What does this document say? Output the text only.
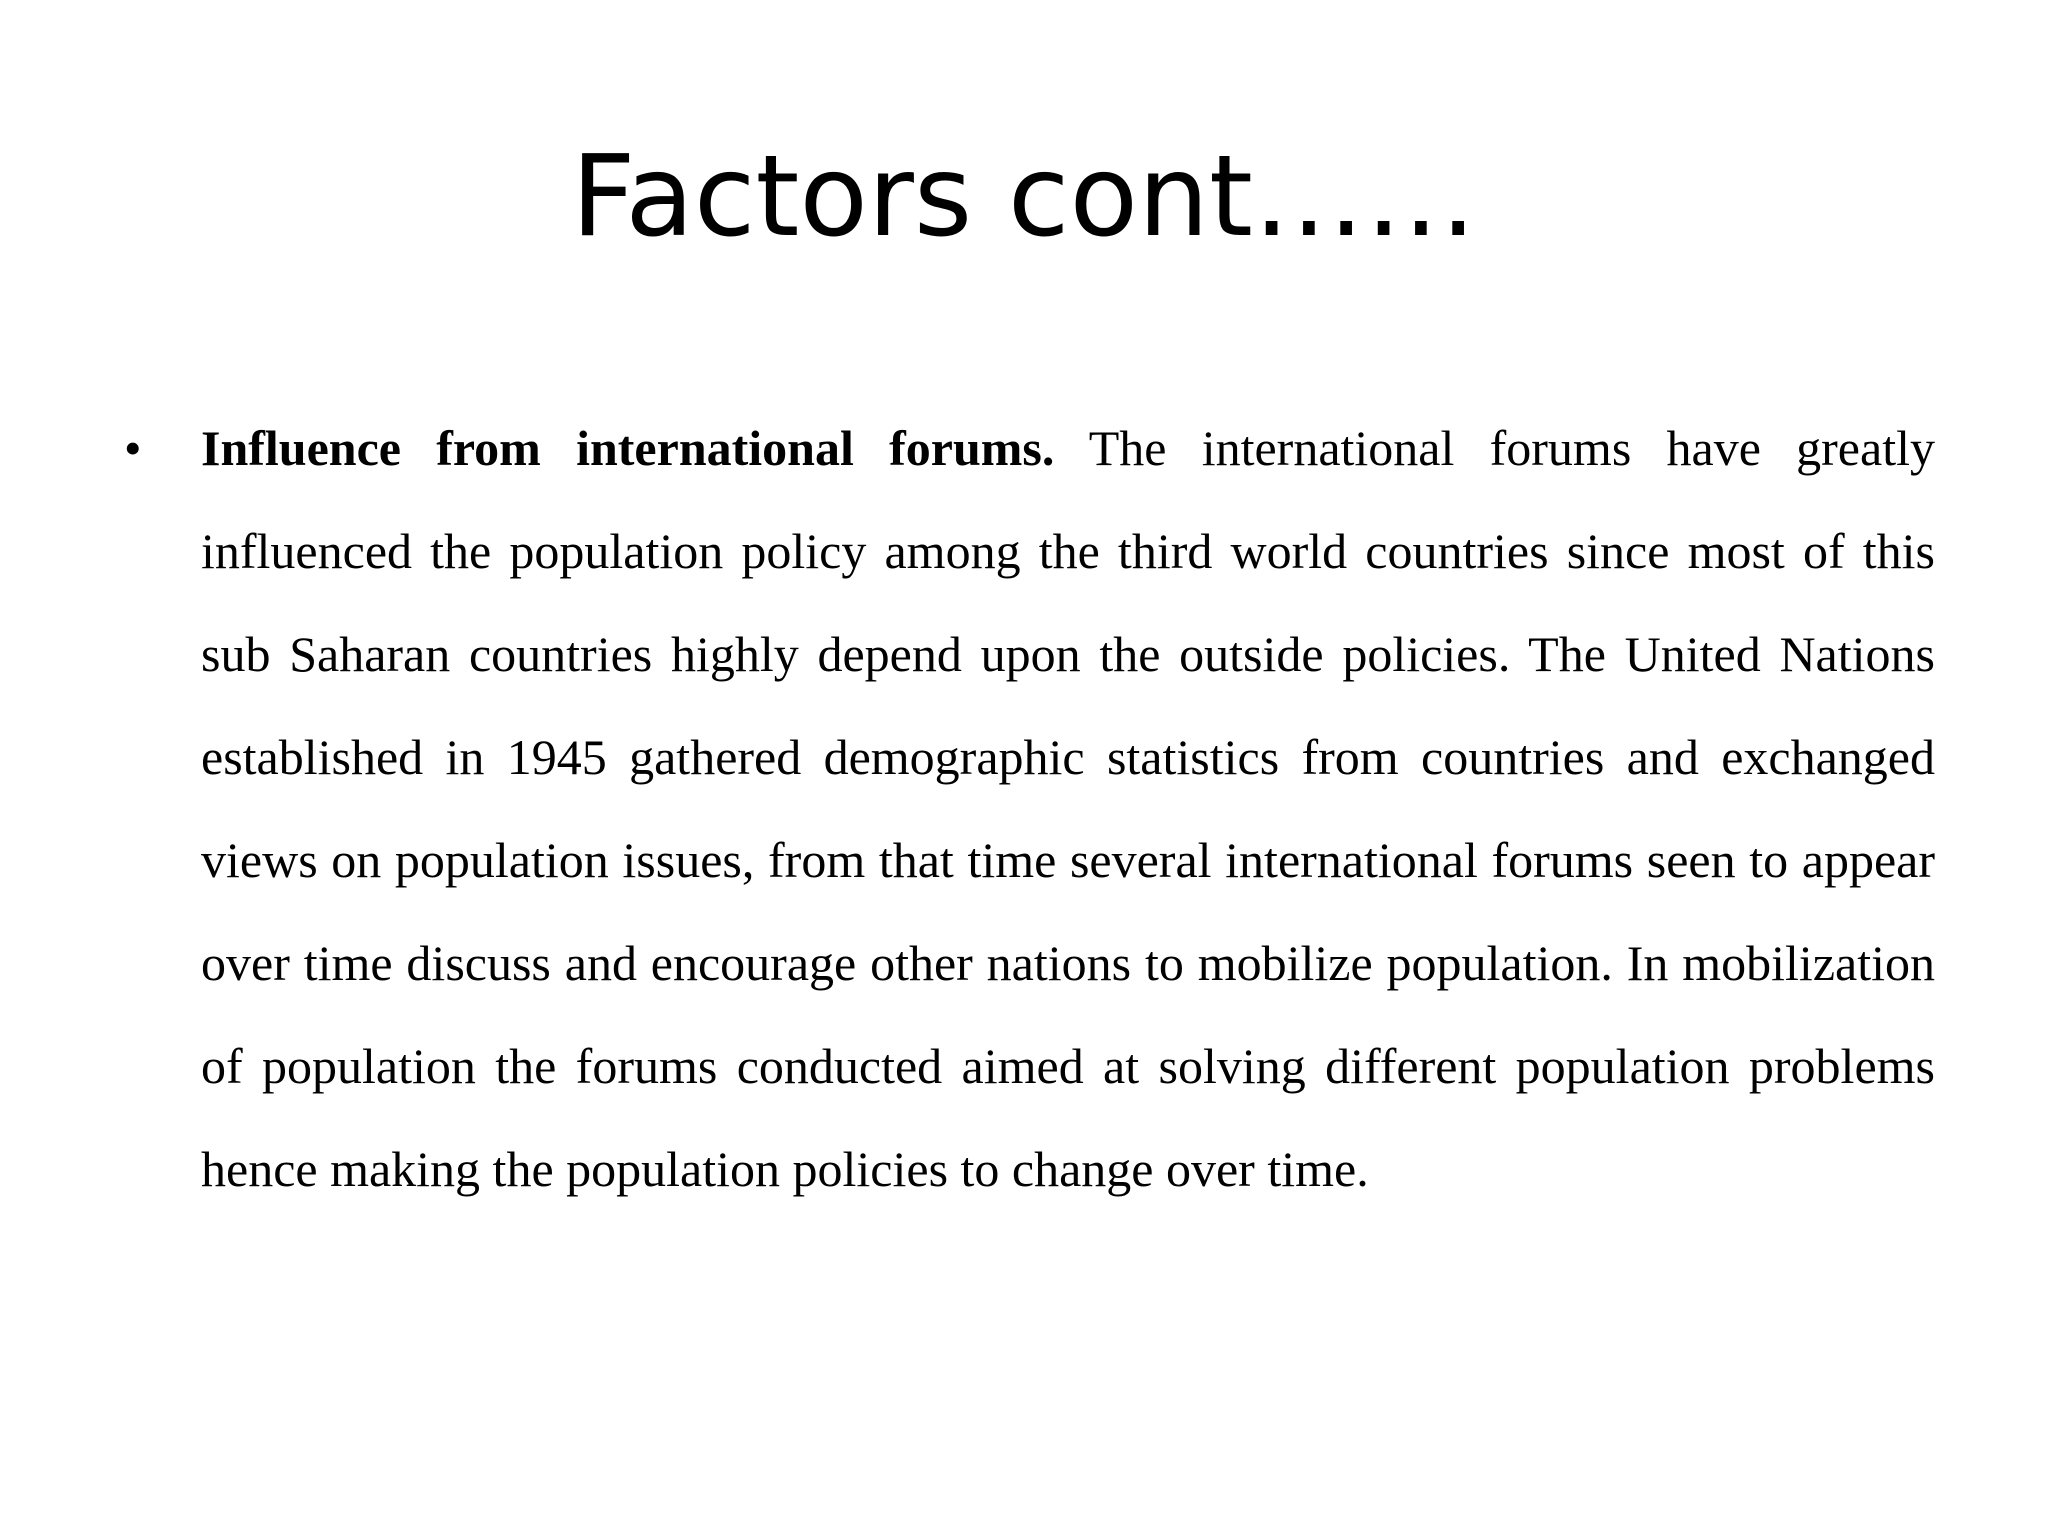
Factors cont……
• Influence from international forums. The international forums have greatly influenced the population policy among the third world countries since most of this sub Saharan countries highly depend upon the outside policies. The United Nations established in 1945 gathered demographic statistics from countries and exchanged views on population issues, from that time several international forums seen to appear over time discuss and encourage other nations to mobilize population. In mobilization of population the forums conducted aimed at solving different population problems hence making the population policies to change over time.
